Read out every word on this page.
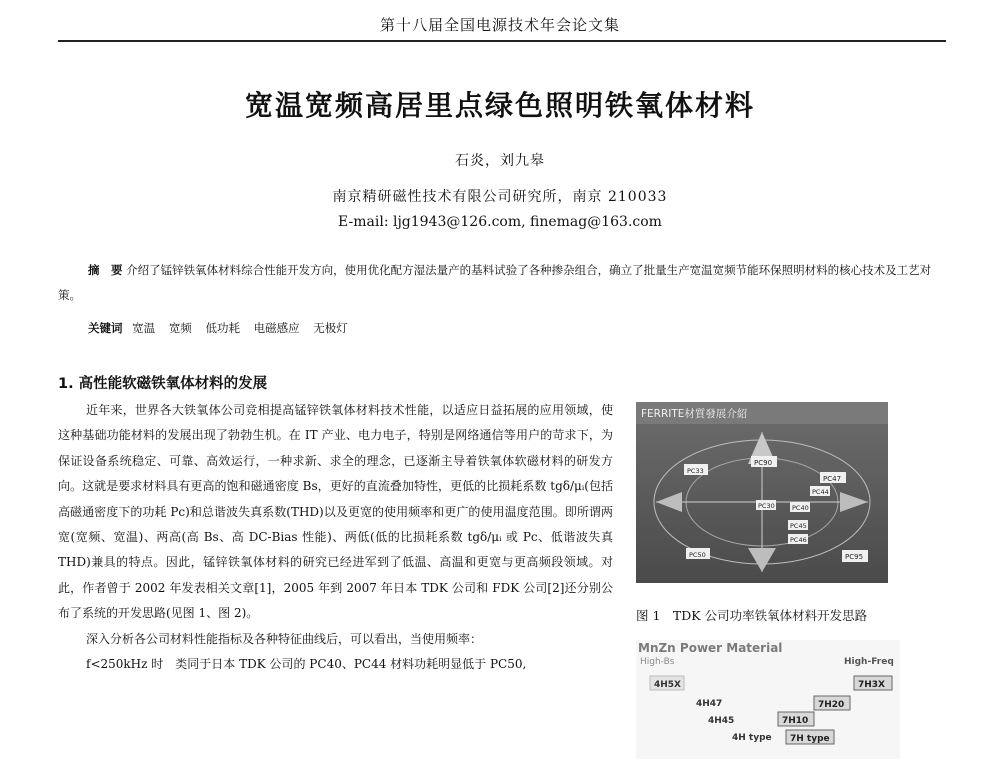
第十八届全国电源技术年会论文集
宽温宽频高居里点绿色照明铁氧体材料
石炎，刘九皋
南京精研磁性技术有限公司研究所，南京 210033
E-mail: ljg1943@126.com, finemag@163.com

摘　要 介绍了锰锌铁氧体材料综合性能开发方向，使用优化配方湿法量产的基料试验了各种掺杂组合，确立了批量生产宽温宽频节能环保照明材料的核心技术及工艺对策。

关键词 宽温 宽频 低功耗 电磁感应 无极灯
1. 高性能软磁铁氧体材料的发展

近年来，世界各大铁氧体公司竞相提高锰锌铁氧体材料技术性能，以适应日益拓展的应用领域，使这种基础功能材料的发展出现了勃勃生机。在 IT 产业、电力电子，特别是网络通信等用户的苛求下，为保证设备系统稳定、可靠、高效运行，一种求新、求全的理念，已逐渐主导着铁氧体软磁材料的研发方向。这就是要求材料具有更高的饱和磁通密度 Bs，更好的直流叠加特性，更低的比损耗系数 tgδ/μᵢ(包括高磁通密度下的功耗 Pc)和总谐波失真系数(THD)以及更宽的使用频率和更广的使用温度范围。即所谓两宽(宽频、宽温)、两高(高 Bs、高 DC-Bias 性能)、两低(低的比损耗系数 tgδ/μᵢ 或 Pc、低谐波失真 THD)兼具的特点。因此，锰锌铁氧体材料的研究已经进军到了低温、高温和更宽与更高频段领域。对此，作者曾于 2002 年发表相关文章[1]，2005 年到 2007 年日本 TDK 公司和 FDK 公司[2]还分别公布了系统的开发思路(见图 1、图 2)。

深入分析各公司材料性能指标及各种特征曲线后，可以看出，当使用频率：

f<250kHz 时　类同于日本 TDK 公司的 PC40、PC44 材料功耗明显低于 PC50,

FERRITE材質發展介紹
PC90
PC47
PC44
PC40
PC30
PC45
PC46
PC95
PC33
PC50
图 1　TDK 公司功率铁氧体材料开发思路
MnZn Power Material
High-Bs	High-Freq
4H5X	7H3X
4H47	7H20
4H45	7H10
4H type 7H type
